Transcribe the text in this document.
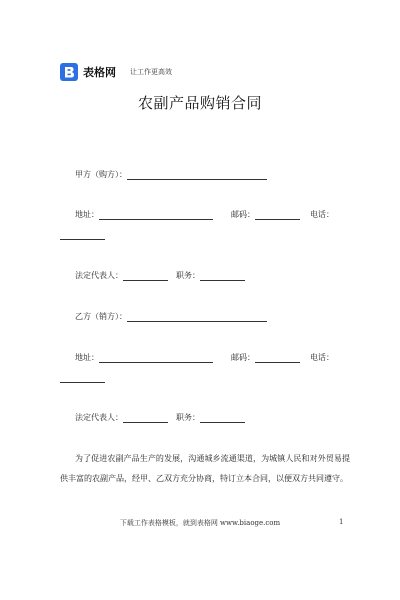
表格网 让工作更高效
农副产品购销合同
甲方（购方）：
地址：	邮码：	电话：
法定代表人：	职务：
乙方（销方）：
地址：	邮码：	电话：
法定代表人：	职务：
为了促进农副产品生产的发展，沟通城乡流通渠道，为城镇人民和对外贸易提供丰富的农副产品，经甲、乙双方充分协商，特订立本合同，以便双方共同遵守。
下载工作表格模板，就到表格网 www.biaoge.com	1
